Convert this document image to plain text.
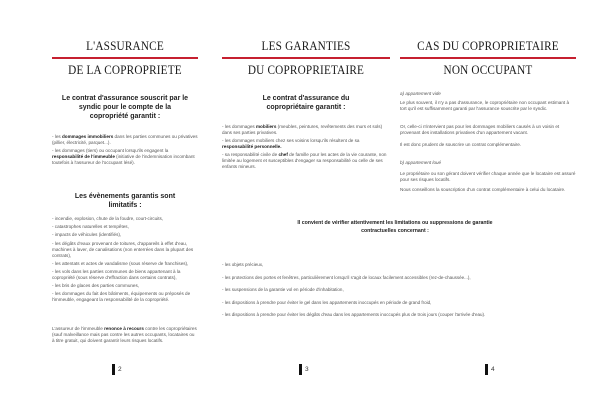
L'ASSURANCE
DE LA COPROPRIETE
Le contrat d'assurance souscrit par le syndic pour le compte de la copropriété garantit :
- les dommages immobiliers dans les parties communes ou privatives (pillier, électricité, parquet...).
- les dommages (tiers) ou occupant lorsqu'ils engagent la responsabilité de l'immeuble (initiative de l'indemnisation incombant toutefois à l'assureur de l'occupant lésé).
Les évènements garantis sont limitatifs :
- incendie, explosion, chute de la foudre, court-circuits,
- catastrophes naturelles et tempêtes,
- impacts de véhicules (identifiés),
- les dégâts d'eaux provenant de toitures, d'appareils à effet d'eau, machines à laver, de canalisations (non enterrées dans la plupart des contrats),
- les attentats et actes de vandalisme (sous réserve de franchises),
- les vols dans les parties communes de biens appartenant à la copropriété (sous réserve d'effraction dans certains contrats),
- les bris de glaces des parties communes,
- les dommages du fait des bâtiments, équipements ou préposés de l'immeuble, engageant la responsabilité de la copropriété.
L'assureur de l'immeuble renonce à recours contre les copropriétaires (sauf malveillance mais pas contre les autres occupants, locataires ou à titre gratuit, qui doivent garantir leurs risques locatifs.
2
LES GARANTIES
DU COPROPRIETAIRE
Le contrat d'assurance du copropriétaire garantit :
- les dommages mobiliers (meubles, peintures, revêtements des murs et sols) dans ses parties privatives.
- les dommages mobiliers chez ses voisins lorsqu'ils résultent de sa responsabilité personnelle.
- sa responsabilité civile de chef de famille pour les actes de la vie courante, non limitée au logement et susceptibles d'engager sa responsabilité ou celle de ses enfants mineurs.
3
CAS DU COPROPRIETAIRE
NON OCCUPANT
a) appartement vide
Le plus souvent, il n'y a pas d'assurance, le copropriétaire non occupant estimant à tort qu'il est suffisamment garanti par l'assurance souscrite par le syndic.
Or, celle-ci n'intervient pas pour les dommages mobiliers causés à un voisin et provenant des installations privatives d'un appartement vacant.
Il est donc prudent de souscrire un contrat complémentaire.
b) appartement loué
Le propriétaire ou son gérant doivent vérifier chaque année que le locataire est assuré pour ses risques locatifs.
Nous conseillons la souscription d'un contrat complémentaire à celui du locataire.
4
Il convient de vérifier attentivement les limitations ou suppressions de garantie contractuelles concernant :
- les objets précieux,
- les protections des portes et fenêtres, particulièrement lorsqu'il s'agit de locaux facilement accessibles (rez-de-chaussée...),
- les suspensions de la garantie vol en période d'inhabitation,
- les dispositions à prendre pour éviter le gel dans les appartements inoccupés en période de grand froid,
- les dispositions à prendre pour éviter les dégâts d'eau dans les appartements inoccupés plus de trois jours (couper l'arrivée d'eau).
